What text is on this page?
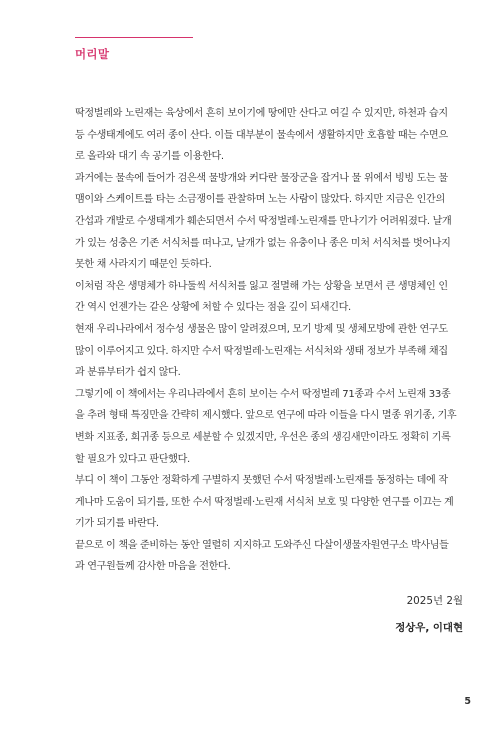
머리말
딱정벌레와 노린재는 육상에서 흔히 보이기에 땅에만 산다고 여길 수 있지만, 하천과 습지
등 수생태계에도 여러 종이 산다. 이들 대부분이 물속에서 생활하지만 호흡할 때는 수면으
로 올라와 대기 속 공기를 이용한다.
과거에는 물속에 들어가 검은색 물방개와 커다란 물장군을 잡거나 물 위에서 빙빙 도는 물
맴이와 스케이트를 타는 소금쟁이를 관찰하며 노는 사람이 많았다. 하지만 지금은 인간의
간섭과 개발로 수생태계가 훼손되면서 수서 딱정벌레·노린재를 만나기가 어려워졌다. 날개
가 있는 성충은 기존 서식처를 떠나고, 날개가 없는 유충이나 종은 미처 서식처를 벗어나지
못한 채 사라지기 때문인 듯하다.
이처럼 작은 생명체가 하나둘씩 서식처를 잃고 절멸해 가는 상황을 보면서 큰 생명체인 인
간 역시 언젠가는 같은 상황에 처할 수 있다는 점을 깊이 되새긴다.
현재 우리나라에서 정수성 생물은 많이 알려졌으며, 모기 방제 및 생체모방에 관한 연구도
많이 이루어지고 있다. 하지만 수서 딱정벌레·노린재는 서식처와 생태 정보가 부족해 채집
과 분류부터가 쉽지 않다.
그렇기에 이 책에서는 우리나라에서 흔히 보이는 수서 딱정벌레 71종과 수서 노린재 33종
을 추려 형태 특징만을 간략히 제시했다. 앞으로 연구에 따라 이들을 다시 멸종 위기종, 기후
변화 지표종, 희귀종 등으로 세분할 수 있겠지만, 우선은 종의 생김새만이라도 정확히 기록
할 필요가 있다고 판단했다.
부디 이 책이 그동안 정확하게 구별하지 못했던 수서 딱정벌레·노린재를 동정하는 데에 작
게나마 도움이 되기를, 또한 수서 딱정벌레·노린재 서식처 보호 및 다양한 연구를 이끄는 계
기가 되기를 바란다.
끝으로 이 책을 준비하는 동안 열렬히 지지하고 도와주신 다살이생물자원연구소 박사님들
과 연구원들께 감사한 마음을 전한다.
2025년 2월
정상우, 이대현
5
